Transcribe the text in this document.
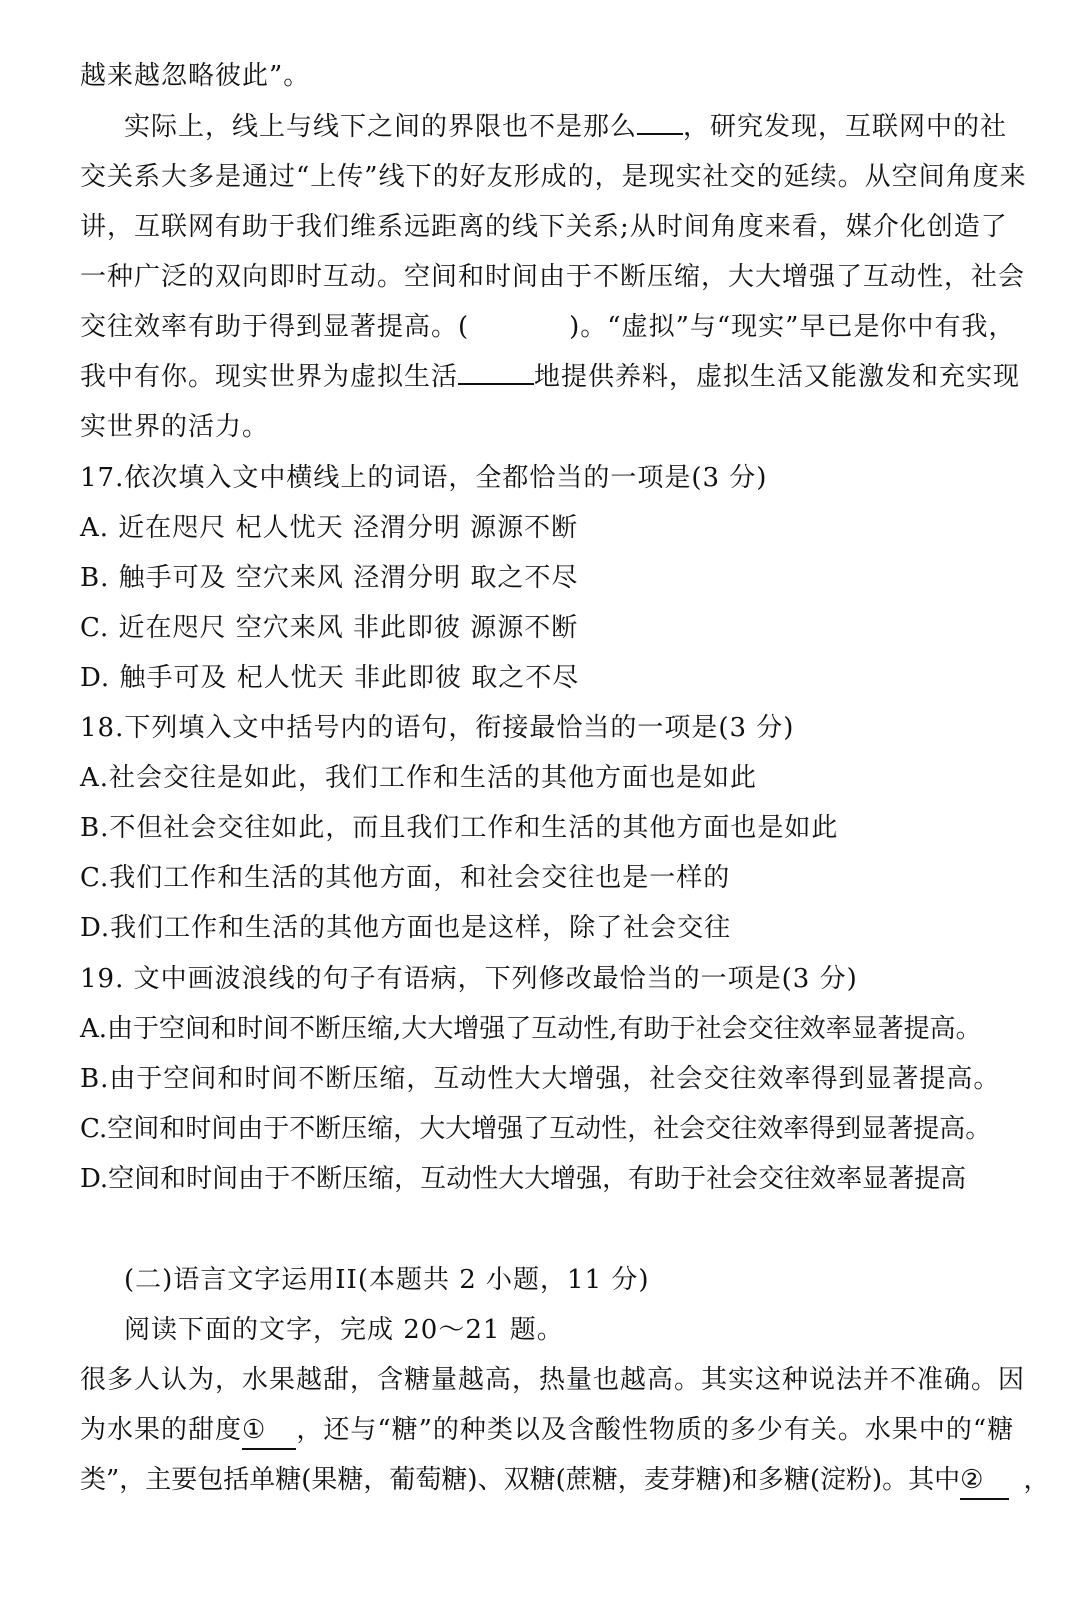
越来越忽略彼此”。
实际上，线上与线下之间的界限也不是那么 ，研究发现，互联网中的社
交关系大多是通过“上传”线下的好友形成的，是现实社交的延续。从空间角度来
讲，互联网有助于我们维系远距离的线下关系;从时间角度来看，媒介化创造了
一种广泛的双向即时互动。空间和时间由于不断压缩，大大增强了互动性，社会
交往效率有助于得到显著提高。(	)。“虚拟”与“现实”早已是你中有我，
我中有你。现实世界为虚拟生活	地提供养料，虚拟生活又能激发和充实现
实世界的活力。
17.依次填入文中横线上的词语，全都恰当的一项是(3 分)
A. 近在咫尺 杞人忧天 泾渭分明 源源不断
B. 触手可及 空穴来风 泾渭分明 取之不尽
C. 近在咫尺 空穴来风 非此即彼 源源不断
D. 触手可及 杞人忧天 非此即彼 取之不尽
18.下列填入文中括号内的语句，衔接最恰当的一项是(3 分)
A.社会交往是如此，我们工作和生活的其他方面也是如此
B.不但社会交往如此，而且我们工作和生活的其他方面也是如此
C.我们工作和生活的其他方面，和社会交往也是一样的
D.我们工作和生活的其他方面也是这样，除了社会交往
19. 文中画波浪线的句子有语病，下列修改最恰当的一项是(3 分)
A.由于空间和时间不断压缩,大大增强了互动性,有助于社会交往效率显著提高。
B.由于空间和时间不断压缩，互动性大大增强，社会交往效率得到显著提高。
C.空间和时间由于不断压缩，大大增强了互动性，社会交往效率得到显著提高。
D.空间和时间由于不断压缩，互动性大大增强，有助于社会交往效率显著提高
(二)语言文字运用II(本题共 2 小题，11 分)
阅读下面的文字，完成 20～21 题。
很多人认为，水果越甜，含糖量越高，热量也越高。其实这种说法并不准确。因
为水果的甜度① ，还与“糖”的种类以及含酸性物质的多少有关。水果中的“糖
类”，主要包括单糖(果糖，葡萄糖)、双糖(蔗糖，麦芽糖)和多糖(淀粉)。其中② ，
